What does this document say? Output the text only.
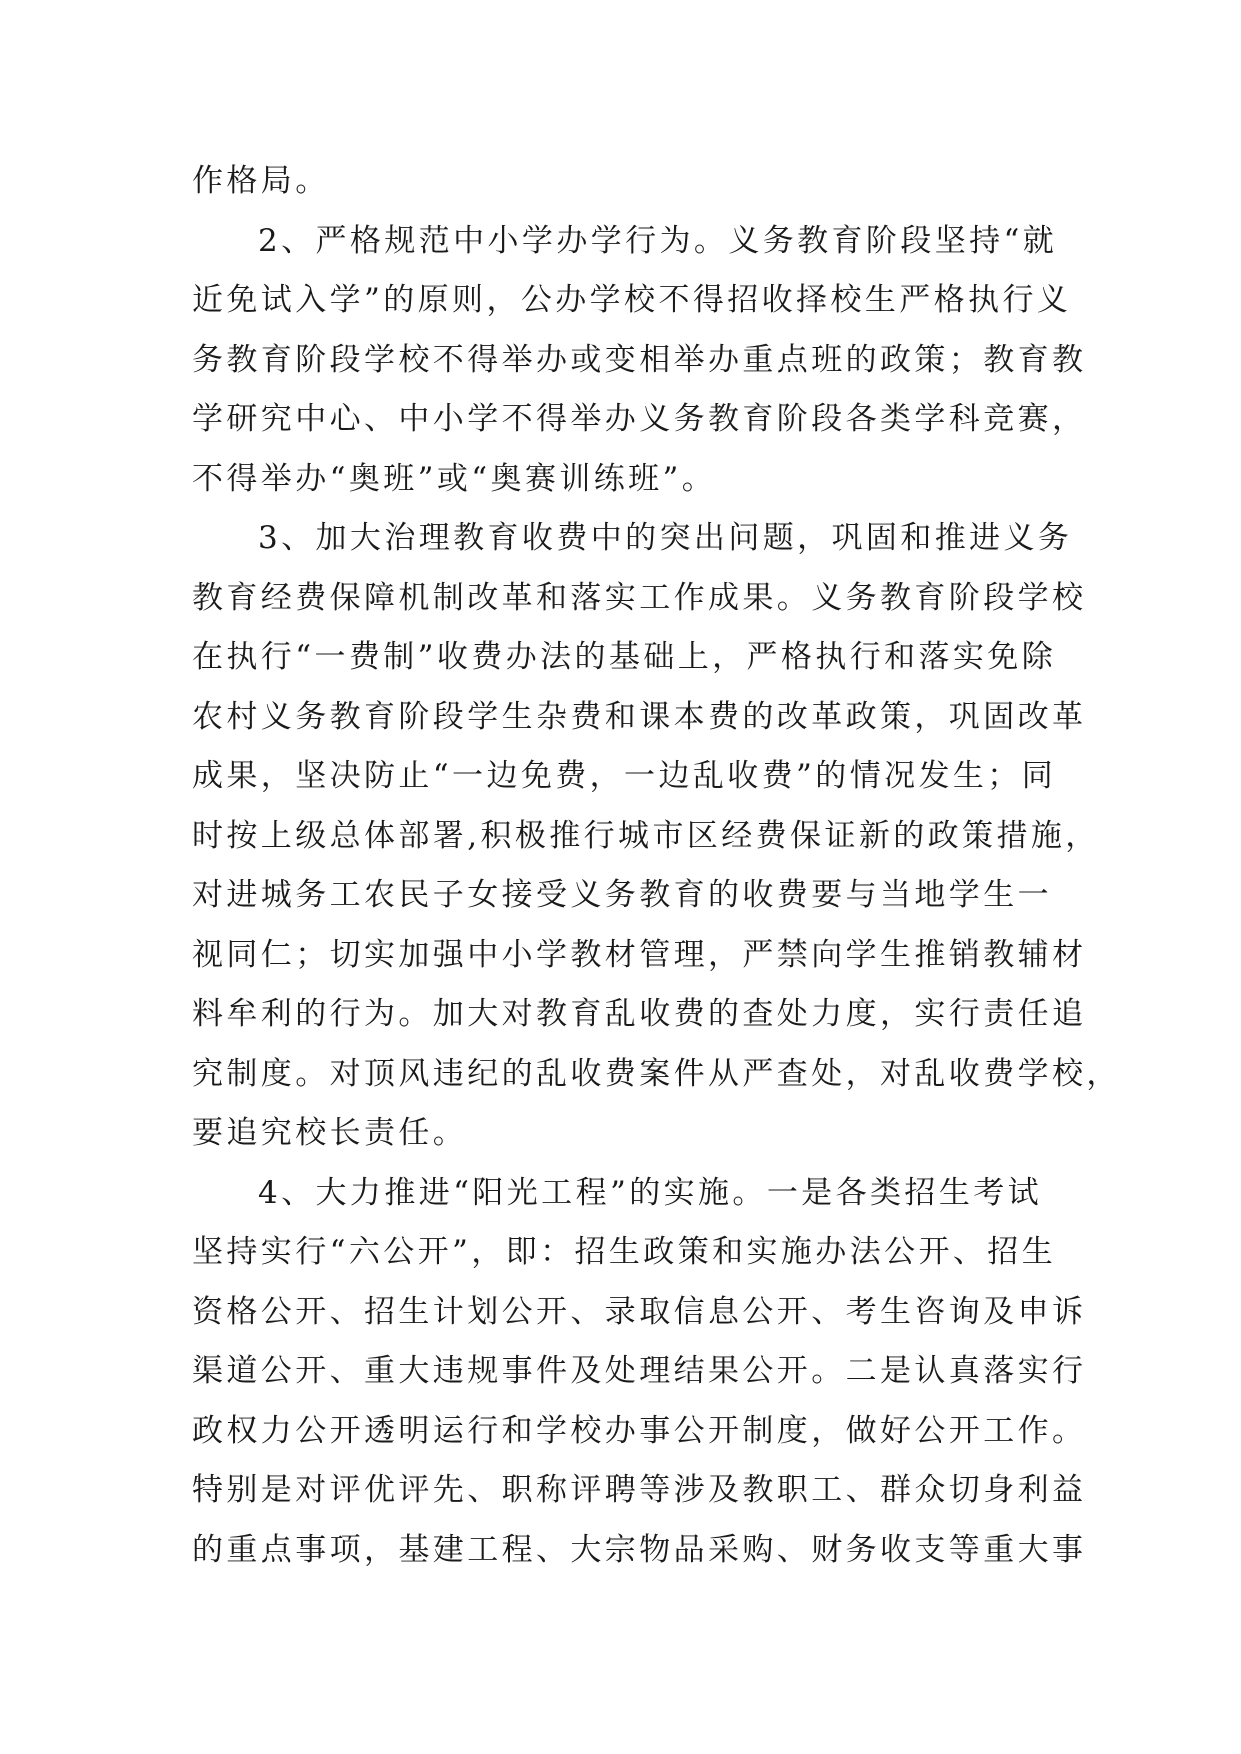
作格局。
2、严格规范中小学办学行为。义务教育阶段坚持“就
近免试入学”的原则，公办学校不得招收择校生严格执行义
务教育阶段学校不得举办或变相举办重点班的政策；教育教
学研究中心、中小学不得举办义务教育阶段各类学科竞赛，
不得举办“奥班”或“奥赛训练班”。
3、加大治理教育收费中的突出问题，巩固和推进义务
教育经费保障机制改革和落实工作成果。义务教育阶段学校
在执行“一费制”收费办法的基础上，严格执行和落实免除
农村义务教育阶段学生杂费和课本费的改革政策，巩固改革
成果，坚决防止“一边免费，一边乱收费”的情况发生；同
时按上级总体部署,积极推行城市区经费保证新的政策措施，
对进城务工农民子女接受义务教育的收费要与当地学生一
视同仁；切实加强中小学教材管理，严禁向学生推销教辅材
料牟利的行为。加大对教育乱收费的查处力度，实行责任追
究制度。对顶风违纪的乱收费案件从严查处，对乱收费学校，
要追究校长责任。
4、大力推进“阳光工程”的实施。一是各类招生考试
坚持实行“六公开”，即：招生政策和实施办法公开、招生
资格公开、招生计划公开、录取信息公开、考生咨询及申诉
渠道公开、重大违规事件及处理结果公开。二是认真落实行
政权力公开透明运行和学校办事公开制度，做好公开工作。
特别是对评优评先、职称评聘等涉及教职工、群众切身利益
的重点事项，基建工程、大宗物品采购、财务收支等重大事
